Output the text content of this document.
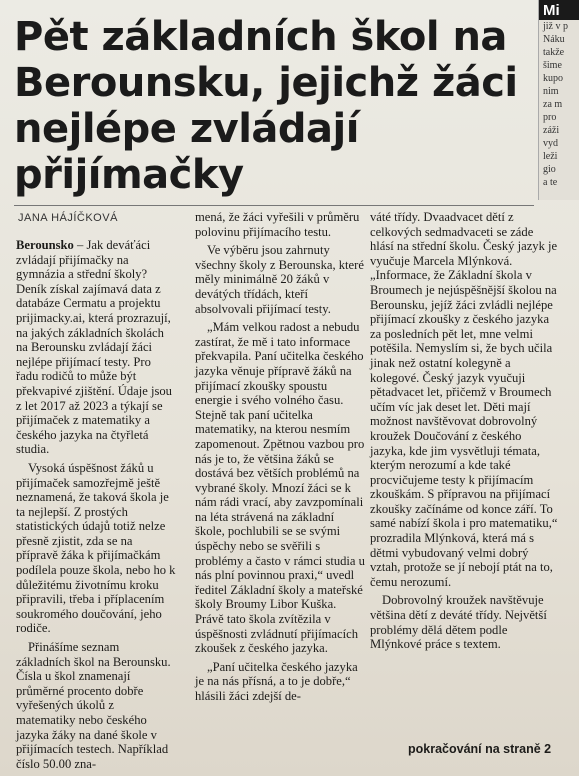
Mi

již v p

Náku

takže

šime

kupo

nim

za m

pro

záži

vyd

leži

gio

a te

Pět základních škol na Berounsku, jejichž žáci nejlépe zvládají přijímačky

JANA HÁJÍČKOVÁ

Berounsko – Jak deváťáci zvládají přijímačky na gymnázia a střední školy? Deník získal zajímavá data z databáze Cermatu a projektu prijimacky.ai, která prozrazují, na jakých základních školách na Berounsku zvládají žáci nejlépe přijímací testy. Pro řadu rodičů to může být překvapivé zjištění. Údaje jsou z let 2017 až 2023 a týkají se přijímaček z matematiky a českého jazyka na čtyřletá studia.

Vysoká úspěšnost žáků u přijímaček samozřejmě ještě neznamená, že taková škola je ta nejlepší. Z prostých statistických údajů totiž nelze přesně zjistit, zda se na přípravě žáka k přijímačkám podílela pouze škola, nebo ho k důležitému životnímu kroku připravili, třeba i příplacením soukromého doučování, jeho rodiče.

Přinášíme seznam základních škol na Berounsku. Čísla u škol znamenají průměrné procento dobře vyřešených úkolů z matematiky nebo českého jazyka žáky na dané škole v přijímacích testech. Například číslo 50.00 zna-

mená, že žáci vyřešili v průměru polovinu přijímacího testu.

Ve výběru jsou zahrnuty všechny školy z Berounska, které měly minimálně 20 žáků v devátých třídách, kteří absolvovali přijímací testy.

„Mám velkou radost a nebudu zastírat, že mě i tato informace překvapila. Paní učitelka českého jazyka věnuje přípravě žáků na přijímací zkoušky spoustu energie i svého volného času. Stejně tak paní učitelka matematiky, na kterou nesmím zapomenout. Zpětnou vazbou pro nás je to, že většina žáků se dostává bez větších problémů na vybrané školy. Mnozí žáci se k nám rádi vrací, aby zavzpomínali na léta strávená na základní škole, pochlubili se se svými úspěchy nebo se svěřili s problémy a často v rámci studia u nás plní povinnou praxi,“ uvedl ředitel Základní školy a mateřské školy Broumy Libor Kuška. Právě tato škola zvítězila v úspěšnosti zvládnutí přijímacích zkoušek z českého jazyka.

„Paní učitelka českého jazyka je na nás přísná, a to je dobře,“ hlásili žáci zdejší de-

váté třídy. Dvaadvacet dětí z celkových sedmadvaceti se záde hlásí na střední školu. Český jazyk je vyučuje Marcela Mlýnková. „Informace, že Základní škola v Broumech je nejúspěšnější školou na Berounsku, jejíž žáci zvládli nejlépe přijímací zkoušky z českého jazyka za posledních pět let, mne velmi potěšila. Nemyslím si, že bych učila jinak než ostatní kolegyně a kolegové. Český jazyk vyučuji pětadvacet let, přičemž v Broumech učím víc jak deset let. Děti mají možnost navštěvovat dobrovolný kroužek Doučování z českého jazyka, kde jim vysvětluji témata, kterým nerozumí a kde také procvičujeme testy k přijímacím zkouškám. S přípravou na přijímací zkoušky začínáme od konce září. To samé nabízí škola i pro matematiku,“ prozradila Mlýnková, která má s dětmi vybudovaný velmi dobrý vztah, protože se jí nebojí ptát na to, čemu nerozumí.

Dobrovolný kroužek navštěvuje většina dětí z deváté třídy. Největší problémy dělá dětem podle Mlýnkové práce s textem.

pokračování na straně 2
